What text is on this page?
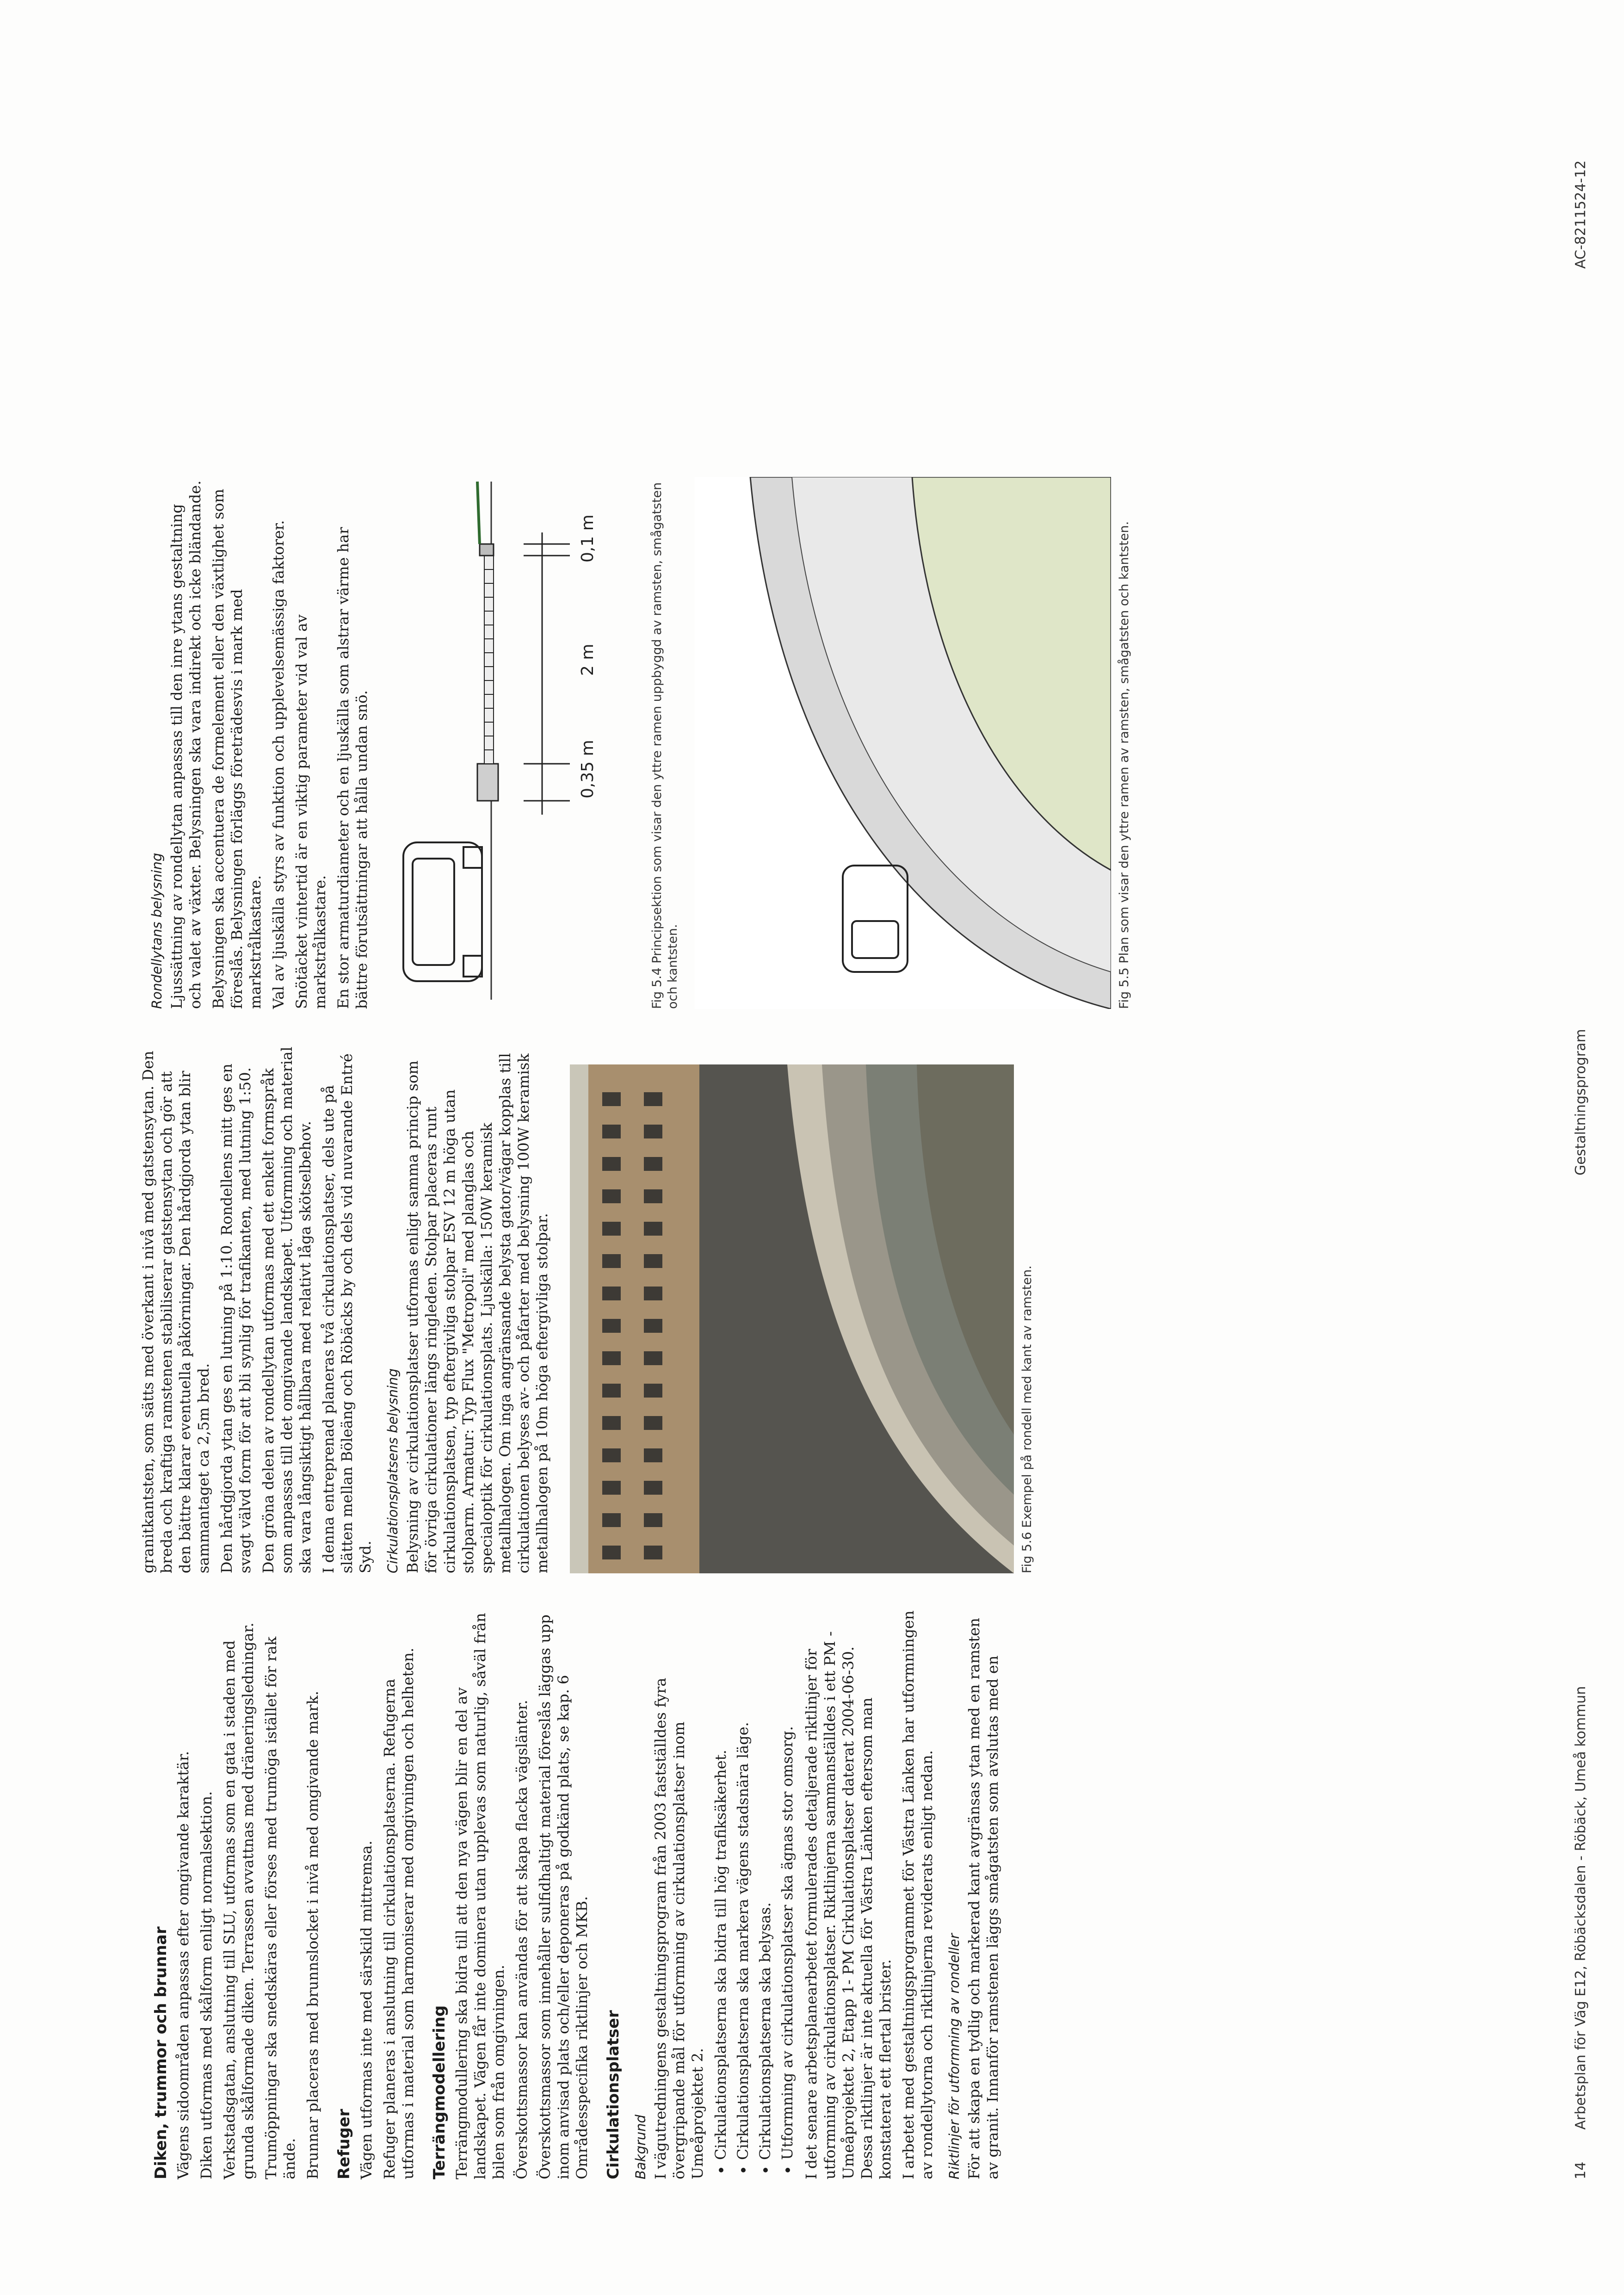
Diken, trummor och brunnar Vägens sidoområden anpassas efter omgivande karaktär. Diken utformas med skålform enligt normalsektion. Verkstadsgatan, anslutning till SLU, utformas som en gata i staden med grunda skålformade diken. Terrassen avvattnas med dräneringsledningar. Trumöppningar ska snedskäras eller förses med trumöga istället för rak ände. Brunnar placeras med brunnslocket i nivå med omgivande mark. Refuger Vägen utformas inte med särskild mittremsa. Refuger planeras i anslutning till cirkulationsplatserna. Refugerna utformas i material som harmoniserar med omgivningen och helheten. Terrängmodellering Terrängmodullering ska bidra till att den nya vägen blir en del av landskapet. Vägen får inte dominera utan upplevas som naturlig, såväl från bilen som från omgivningen. Överskottsmassor kan användas för att skapa flacka vägslänter. Överskottsmassor som innehåller sulfidhaltigt material föreslås läggas upp inom anvisad plats och/eller deponeras på godkänd plats, se kap. 6 Områdesspecifika riktlinjer och MKB. Cirkulationsplatser Bakgrund I vägutredningens gestaltningsprogram från 2003 fastställdes fyra övergripande mål för utformning av cirkulationsplatser inom Umeåprojektet 2. • Cirkulationsplatserna ska bidra till hög trafiksäkerhet. • Cirkulationsplatserna ska markera vägens stadsnära läge. • Cirkulationsplatserna ska belysas. • Utformning av cirkulationsplatser ska ägnas stor omsorg. I det senare arbetsplanearbetet formulerades detaljerade riktlinjer för utformning av cirkulationsplatser. Riktlinjerna sammanställdes i ett PM - Umeåprojektet 2, Etapp 1- PM Cirkulationsplatser daterat 2004-06-30. Dessa riktlinjer är inte aktuella för Västra Länken eftersom man konstaterat ett flertal brister. I arbetet med gestaltningsprogrammet för Västra Länken har utformningen av rondellytorna och riktlinjerna reviderats enligt nedan. Riktlinjer för utformning av rondeller För att skapa en tydlig och markerad kant avgränsas ytan med en ramsten av granit. Innanför ramstenen läggs smågatsten som avslutas med en

granitkantsten, som sätts med överkant i nivå med gatstensytan. Den breda och kraftiga ramstenen stabiliserar gatstensytan och gör att den bättre klarar eventuella påkörningar. Den hårdgjorda ytan blir sammantaget ca 2,5m bred. Den hårdgjorda ytan ges en lutning på 1:10. Rondellens mitt ges en svagt välvd form för att bli synlig för trafikanten, med lutning 1:50. Den gröna delen av rondellytan utformas med ett enkelt formspråk som anpassas till det omgivande landskapet. Utformning och material ska vara långsiktigt hållbara med relativt låga skötselbehov. I denna entreprenad planeras två cirkulationsplatser, dels ute på slätten mellan Böleäng och Röbäcks by och dels vid nuvarande Entré Syd. Cirkulationsplatsens belysning Belysning av cirkulationsplatser utformas enligt samma princip som för övriga cirkulationer längs ringleden. Stolpar placeras runt cirkulationsplatsen, typ eftergivliga stolpar ESV 12 m höga utan stolparm. Armatur: Typ Flux "Metropoli" med planglas och specialoptik för cirkulationsplats. Ljuskälla: 150W keramisk metallhalogen. Om inga angränsande belysta gator/vägar kopplas till cirkulationen belyses av- och påfarter med belysning 100W keramisk metallhalogen på 10m höga eftergivliga stolpar.	Fig 5.6 Exempel på rondell med kant av ramsten.
Rondellytans belysning Ljussättning av rondellytan anpassas till den inre ytans gestaltning och valet av växter. Belysningen ska vara indirekt och icke bländande. Belysningen ska accentuera de formelement eller den växtlighet som föreslås. Belysningen förläggs företrädesvis i mark med markstrålkastare. Val av ljuskälla styrs av funktion och upplevelsemässiga faktorer. Snötäcket vintertid är en viktig parameter vid val av markstrålkastare. En stor armaturdiameter och en ljuskälla som alstrar värme har bättre förutsättningar att hålla undan snö.	0,35 m
2 m
0,1 m	Fig 5.4 Principsektion som visar den yttre ramen uppbyggd av ramsten, smågatsten och kantsten.	Fig 5.5 Plan som visar den yttre ramen av ramsten, smågatsten och kantsten.
14  Arbetsplan för Väg E12, Röbäcksdalen - Röbäck, Umeå kommun
Gestaltningsprogram
AC-8211524-12
